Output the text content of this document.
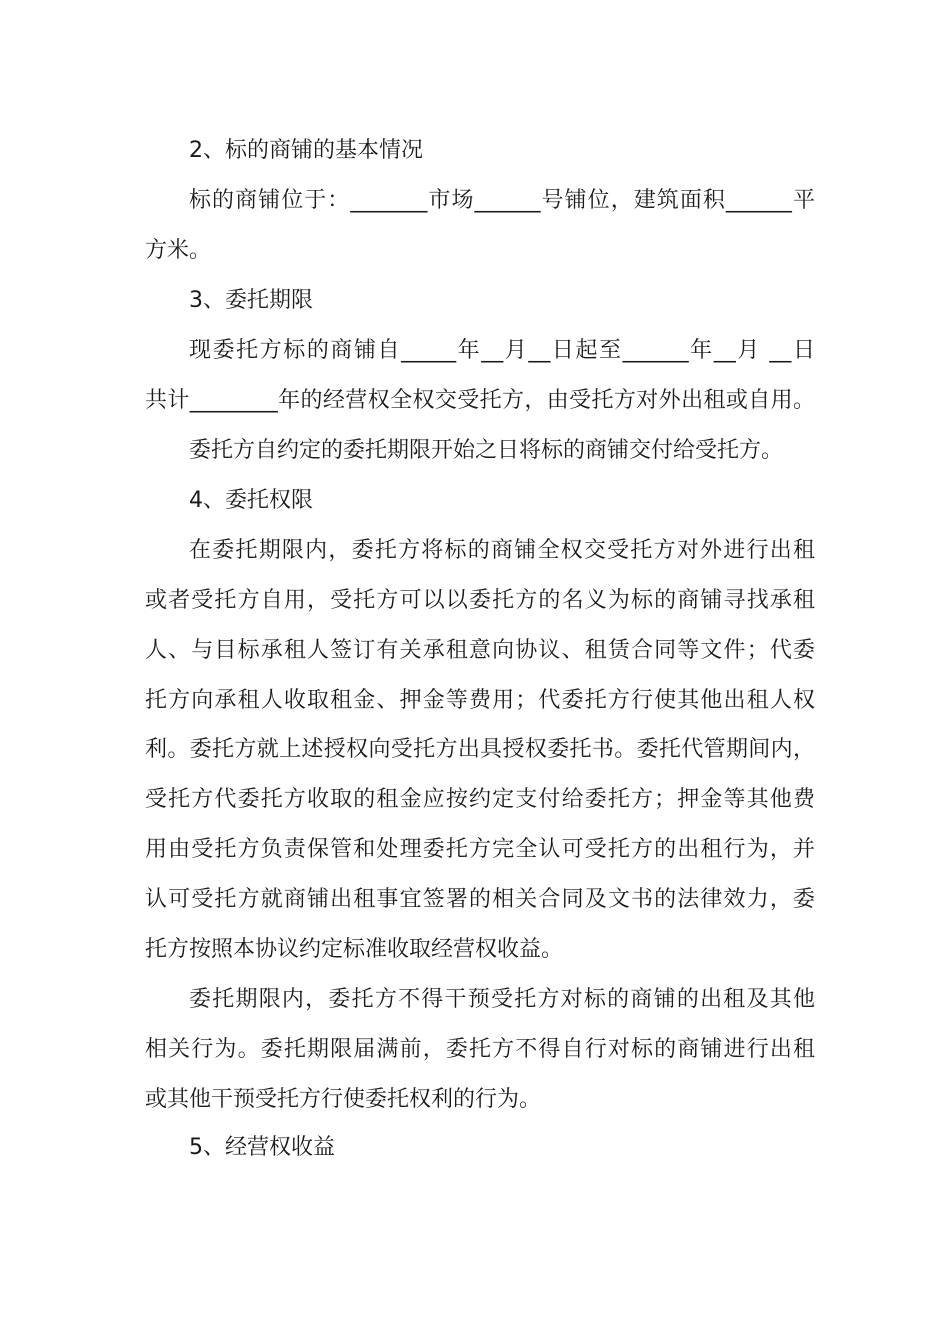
2、标的商铺的基本情况
标的商铺位于：_______市场______号铺位，建筑面积______平
方米。
3、委托期限
现委托方标的商铺自_____年__月__日起至______年__月 __日
共计________年的经营权全权交受托方，由受托方对外出租或自用。
委托方自约定的委托期限开始之日将标的商铺交付给受托方。
4、委托权限
在委托期限内，委托方将标的商铺全权交受托方对外进行出租
或者受托方自用，受托方可以以委托方的名义为标的商铺寻找承租
人、与目标承租人签订有关承租意向协议、租赁合同等文件；代委
托方向承租人收取租金、押金等费用；代委托方行使其他出租人权
利。委托方就上述授权向受托方出具授权委托书。委托代管期间内，
受托方代委托方收取的租金应按约定支付给委托方；押金等其他费
用由受托方负责保管和处理委托方完全认可受托方的出租行为，并
认可受托方就商铺出租事宜签署的相关合同及文书的法律效力，委
托方按照本协议约定标准收取经营权收益。
委托期限内，委托方不得干预受托方对标的商铺的出租及其他
相关行为。委托期限届满前，委托方不得自行对标的商铺进行出租
或其他干预受托方行使委托权利的行为。
5、经营权收益
